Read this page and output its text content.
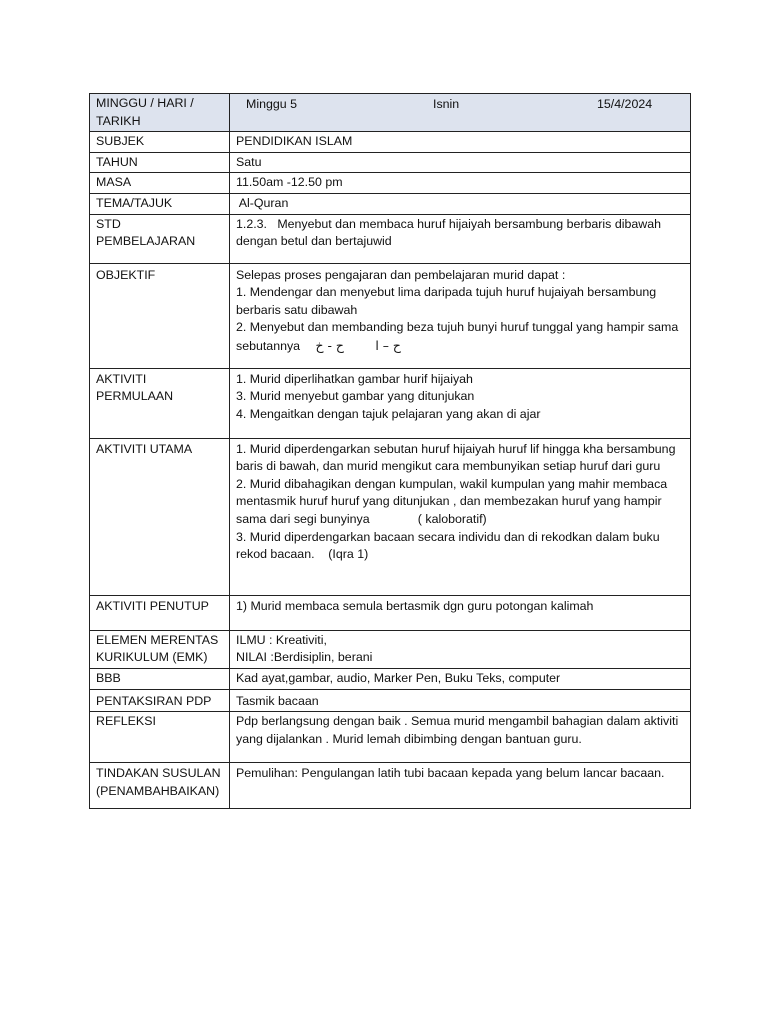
MINGGU / HARI / TARIKH	Minggu 5 Isnin 15/4/2024

SUBJEK	PENDIDIKAN ISLAM
TAHUN	Satu
MASA	11.50am -12.50 pm
TEMA/TAJUK	Al-Quran
STD PEMBELAJARAN	1.2.3.   Menyebut dan membaca huruf hijaiyah bersambung berbaris dibawah dengan betul dan bertajuwid
OBJEKTIF	Selepas proses pengajaran dan pembelajaran murid dapat :

1. Mendengar dan menyebut lima daripada tujuh huruf hujaiyah bersambung berbaris satu dibawah

2. Menyebut dan membanding beza tujuh bunyi huruf tunggal yang hampir sama sebutannya ح - خ ح – ا

AKTIVITI PERMULAAN	1. Murid diperlihatkan gambar hurif hijaiyah

3. Murid menyebut gambar yang ditunjukan

4. Mengaitkan dengan tajuk pelajaran yang akan di ajar

AKTIVITI UTAMA	1. Murid diperdengarkan sebutan huruf hijaiyah huruf lif hingga kha bersambung baris di bawah, dan murid mengikut cara membunyikan setiap huruf dari guru

2. Murid dibahagikan dengan kumpulan, wakil kumpulan yang mahir membaca mentasmik huruf huruf yang ditunjukan , dan membezakan huruf yang hampir sama dari segi bunyinya              ( kaloboratif)

3. Murid diperdengarkan bacaan secara individu dan di rekodkan dalam buku rekod bacaan.    (Iqra 1)

AKTIVITI PENUTUP	1) Murid membaca semula bertasmik dgn guru potongan kalimah
ELEMEN MERENTAS KURIKULUM (EMK)	ILMU : Kreativiti,

NILAI :Berdisiplin, berani

BBB	Kad ayat,gambar, audio, Marker Pen, Buku Teks, computer
PENTAKSIRAN PDP	Tasmik bacaan
REFLEKSI	Pdp berlangsung dengan baik . Semua murid mengambil bahagian dalam aktiviti yang dijalankan . Murid lemah dibimbing dengan bantuan guru.
TINDAKAN SUSULAN (PENAMBAHBAIKAN)	Pemulihan: Pengulangan latih tubi bacaan kepada yang belum lancar bacaan.
